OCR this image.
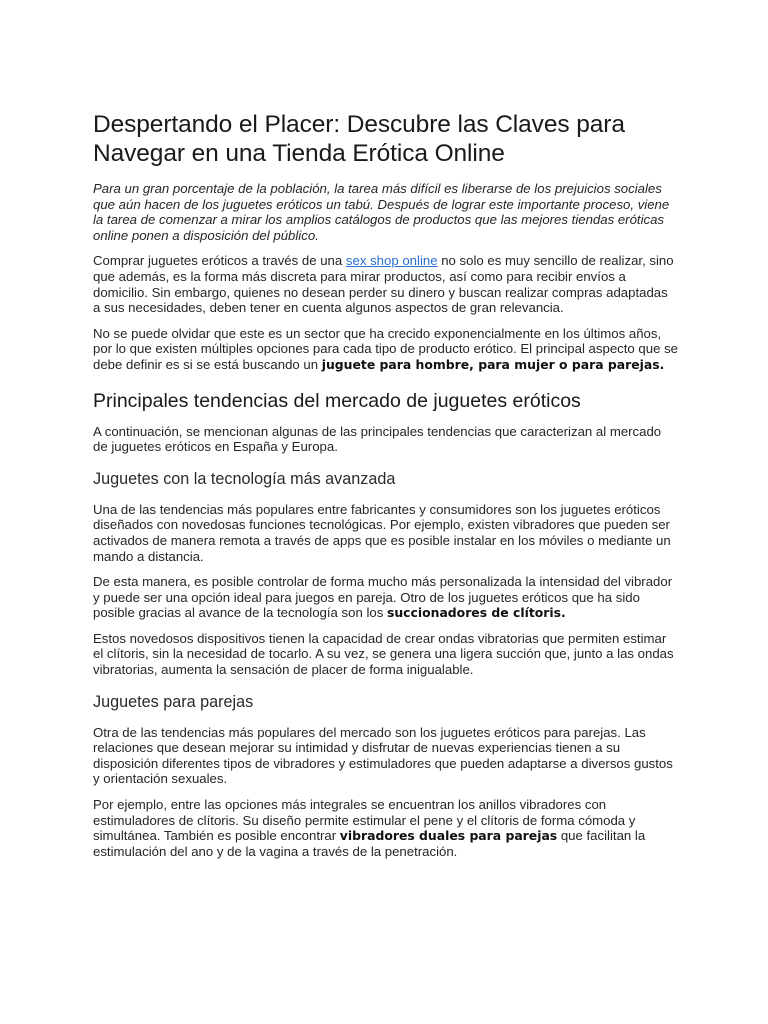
Despertando el Placer: Descubre las Claves para Navegar en una Tienda Erótica Online

Para un gran porcentaje de la población, la tarea más difícil es liberarse de los prejuicios sociales que aún hacen de los juguetes eróticos un tabú. Después de lograr este importante proceso, viene la tarea de comenzar a mirar los amplios catálogos de productos que las mejores tiendas eróticas online ponen a disposición del público.

Comprar juguetes eróticos a través de una sex shop online no solo es muy sencillo de realizar, sino que además, es la forma más discreta para mirar productos, así como para recibir envíos a domicilio. Sin embargo, quienes no desean perder su dinero y buscan realizar compras adaptadas a sus necesidades, deben tener en cuenta algunos aspectos de gran relevancia.

No se puede olvidar que este es un sector que ha crecido exponencialmente en los últimos años, por lo que existen múltiples opciones para cada tipo de producto erótico. El principal aspecto que se debe definir es si se está buscando un juguete para hombre, para mujer o para parejas.

Principales tendencias del mercado de juguetes eróticos

A continuación, se mencionan algunas de las principales tendencias que caracterizan al mercado de juguetes eróticos en España y Europa.

Juguetes con la tecnología más avanzada

Una de las tendencias más populares entre fabricantes y consumidores son los juguetes eróticos diseñados con novedosas funciones tecnológicas. Por ejemplo, existen vibradores que pueden ser activados de manera remota a través de apps que es posible instalar en los móviles o mediante un mando a distancia.

De esta manera, es posible controlar de forma mucho más personalizada la intensidad del vibrador y puede ser una opción ideal para juegos en pareja. Otro de los juguetes eróticos que ha sido posible gracias al avance de la tecnología son los succionadores de clítoris.

Estos novedosos dispositivos tienen la capacidad de crear ondas vibratorias que permiten estimar el clítoris, sin la necesidad de tocarlo. A su vez, se genera una ligera succión que, junto a las ondas vibratorias, aumenta la sensación de placer de forma inigualable.

Juguetes para parejas

Otra de las tendencias más populares del mercado son los juguetes eróticos para parejas. Las relaciones que desean mejorar su intimidad y disfrutar de nuevas experiencias tienen a su disposición diferentes tipos de vibradores y estimuladores que pueden adaptarse a diversos gustos y orientación sexuales.

Por ejemplo, entre las opciones más integrales se encuentran los anillos vibradores con estimuladores de clítoris. Su diseño permite estimular el pene y el clítoris de forma cómoda y simultánea. También es posible encontrar vibradores duales para parejas que facilitan la estimulación del ano y de la vagina a través de la penetración.
